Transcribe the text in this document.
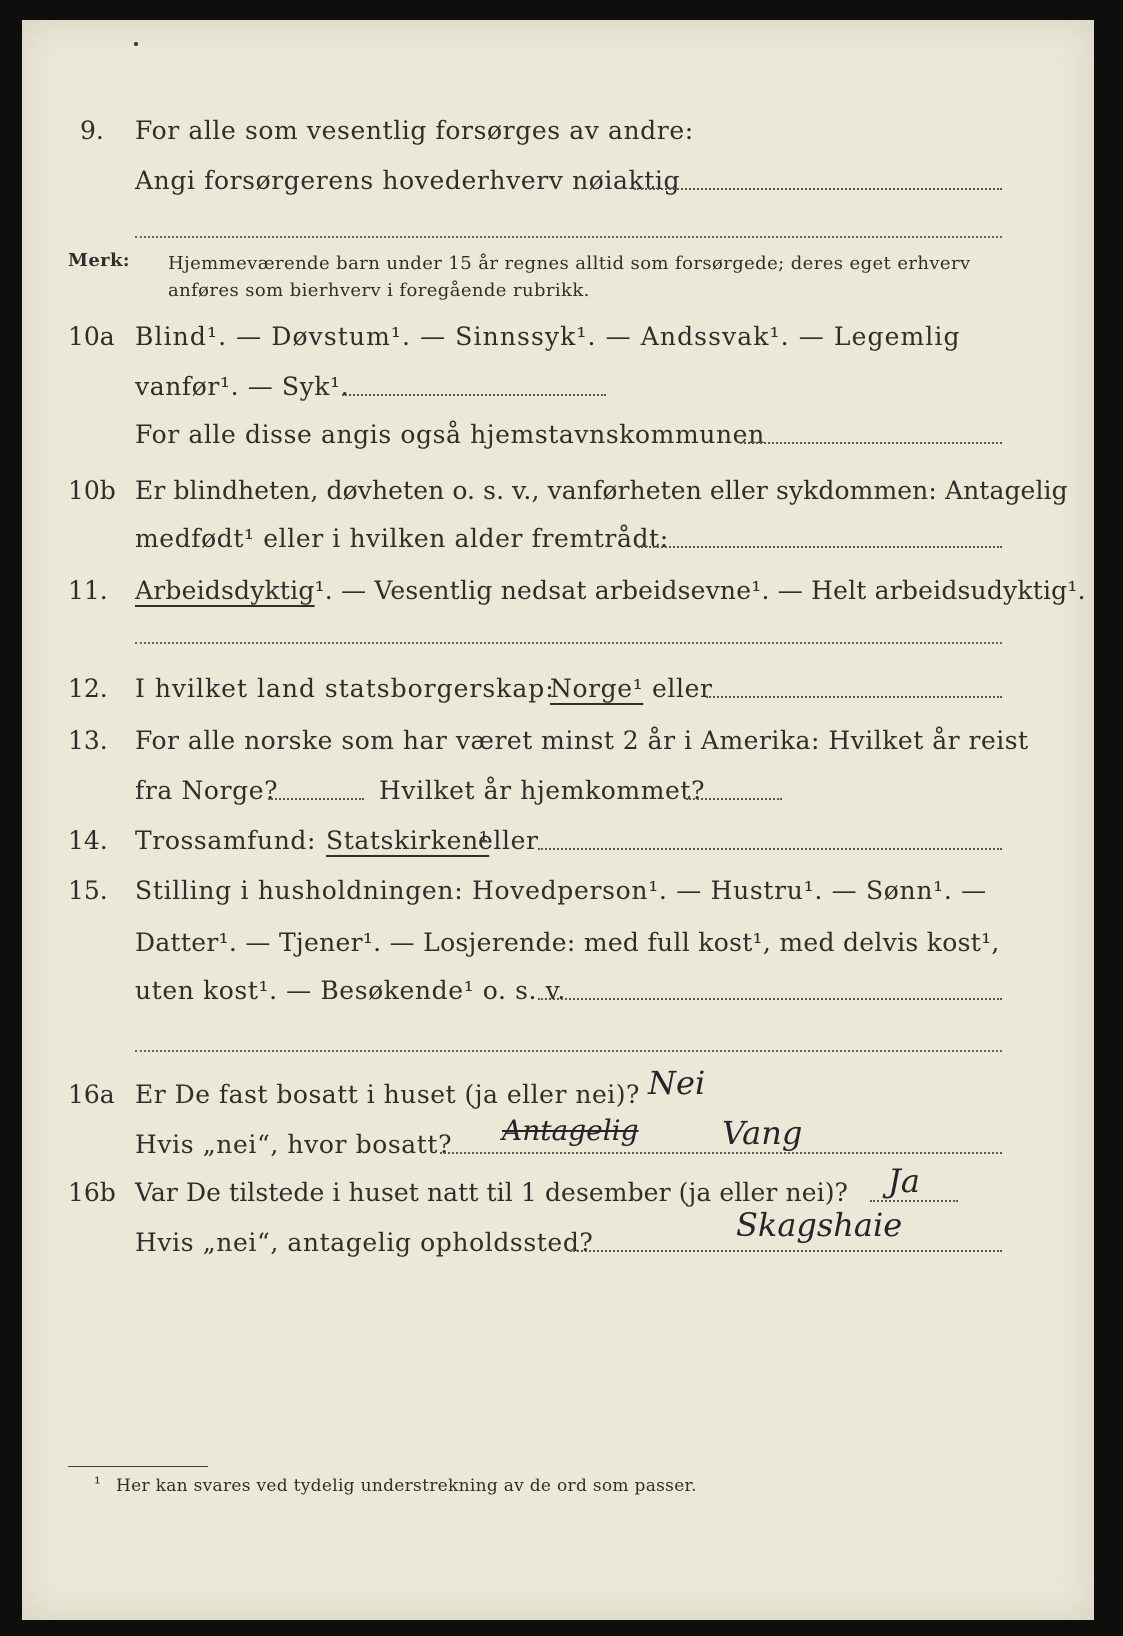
9. For alle som vesentlig forsørges av andre:
Angi forsørgerens hovederhverv nøiaktig
Merk: Hjemmeværende barn under 15 år regnes alltid som forsørgede; deres eget erhverv
anføres som bierhverv i foregående rubrikk.
10a Blind¹. — Døvstum¹. — Sinnssyk¹. — Andssvak¹. — Legemlig
vanfør¹. — Syk¹.
For alle disse angis også hjemstavnskommunen
10b Er blindheten, døvheten o. s. v., vanførheten eller sykdommen: Antagelig
medfødt¹ eller i hvilken alder fremtrådt:
11. Arbeidsdyktig¹. — Vesentlig nedsat arbeidsevne¹. — Helt arbeidsudyktig¹.
12. I hvilket land statsborgerskap:
Norge¹ eller
13. For alle norske som har været minst 2 år i Amerika: Hvilket år reist
fra Norge?	Hvilket år hjemkommet?
14. Trossamfund: Statskirken¹
eller
15. Stilling i husholdningen: Hovedperson¹. — Hustru¹. — Sønn¹. —
Datter¹. — Tjener¹. — Losjerende: med full kost¹, med delvis kost¹,
uten kost¹. — Besøkende¹ o. s. v.
16a Er De fast bosatt i huset (ja eller nei)? Nei
Hvis „nei“, hvor bosatt? Antagelig	Vang
16b Var De tilstede i huset natt til 1 desember (ja eller nei)? Ja
Hvis „nei“, antagelig opholdssted?	Skagshaie
¹ Her kan svares ved tydelig understrekning av de ord som passer.
